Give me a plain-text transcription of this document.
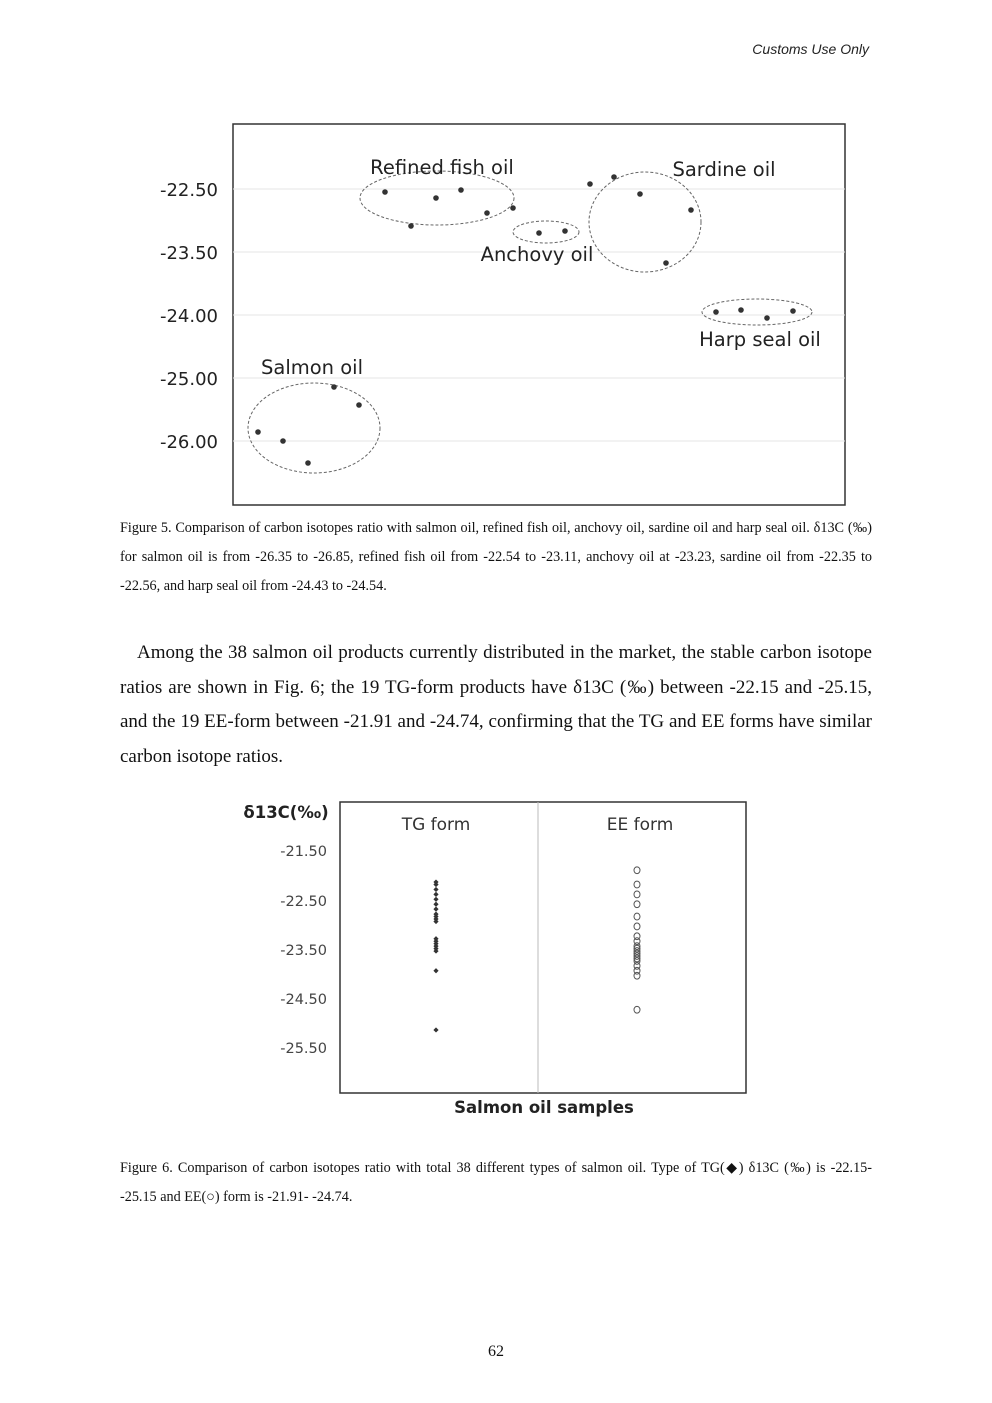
Customs Use Only
-22.50
-23.50
-24.00
-25.00
-26.00
Refined fish oil
Anchovy oil
Sardine oil
Harp seal oil
Salmon oil
Figure 5. Comparison of carbon isotopes ratio with salmon oil, refined fish oil, anchovy oil, sardine oil and harp seal oil. δ13C (‰) for salmon oil is from -26.35 to -26.85, refined fish oil from -22.54 to -23.11, anchovy oil at -23.23, sardine oil from -22.35 to -22.56, and harp seal oil from -24.43 to -24.54.
Among the 38 salmon oil products currently distributed in the market, the stable carbon isotope ratios are shown in Fig. 6; the 19 TG-form products have δ13C (‰) between -22.15 and -25.15, and the 19 EE-form between -21.91 and -24.74, confirming that the TG and EE forms have similar carbon isotope ratios.
-21.50
-22.50
-23.50
-24.50
-25.50
δ13C(‰)
Salmon oil samples
TG form	EE form
Figure 6. Comparison of carbon isotopes ratio with total 38 different types of salmon oil. Type of TG(◆) δ13C (‰) is -22.15- -25.15 and EE(○) form is -21.91- -24.74.
62
